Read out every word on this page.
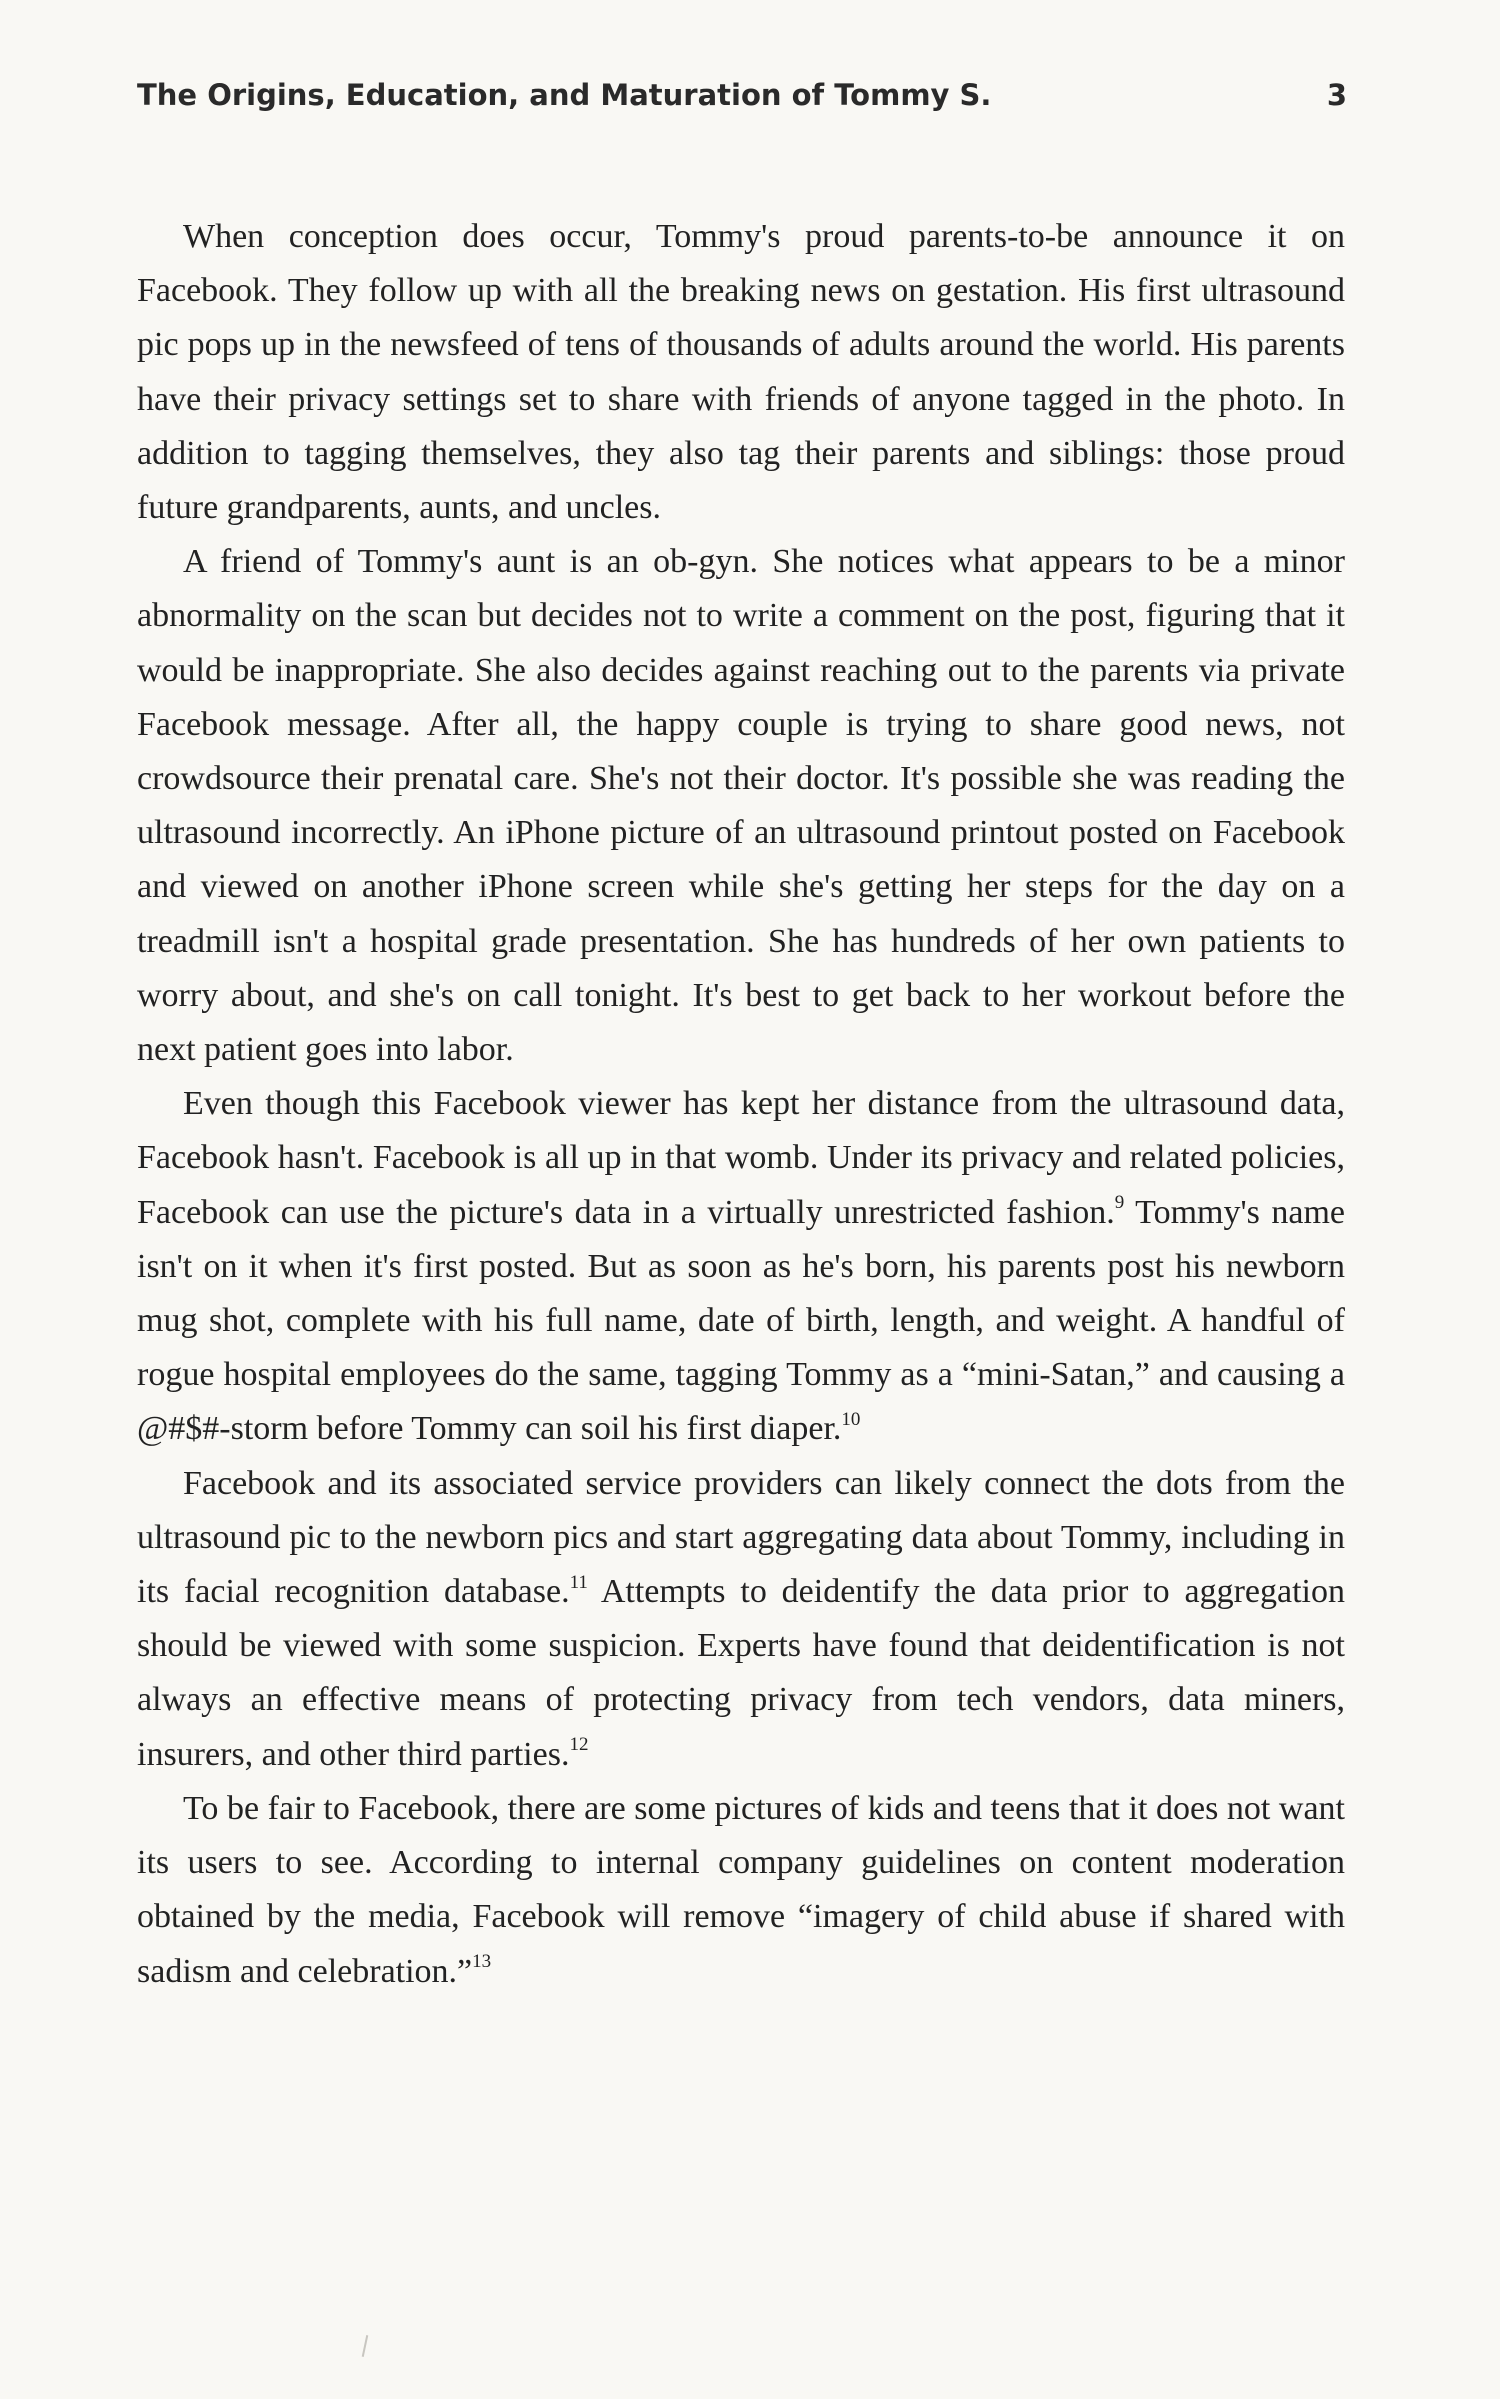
The Origins, Education, and Maturation of Tommy S.	3

When conception does occur, Tommy's proud parents-to-be announce it on Facebook. They follow up with all the breaking news on gestation. His first ultrasound pic pops up in the newsfeed of tens of thousands of adults around the world. His parents have their privacy settings set to share with friends of anyone tagged in the photo. In addition to tagging themselves, they also tag their parents and siblings: those proud future grandparents, aunts, and uncles.

A friend of Tommy's aunt is an ob-gyn. She notices what appears to be a minor abnormality on the scan but decides not to write a comment on the post, figuring that it would be inappropriate. She also decides against reaching out to the parents via private Facebook message. After all, the happy couple is trying to share good news, not crowdsource their prenatal care. She's not their doctor. It's possible she was reading the ultrasound incorrectly. An iPhone picture of an ultrasound printout posted on Facebook and viewed on another iPhone screen while she's getting her steps for the day on a treadmill isn't a hospital grade presentation. She has hundreds of her own patients to worry about, and she's on call tonight. It's best to get back to her workout before the next patient goes into labor.

Even though this Facebook viewer has kept her distance from the ultrasound data, Facebook hasn't. Facebook is all up in that womb. Under its privacy and related policies, Facebook can use the picture's data in a virtually unrestricted fashion.$^9$ Tommy's name isn't on it when it's first posted. But as soon as he's born, his parents post his newborn mug shot, complete with his full name, date of birth, length, and weight. A handful of rogue hospital employees do the same, tagging Tommy as a “mini-Satan,” and causing a @#$#-storm before Tommy can soil his first diaper.$^{10}$

Facebook and its associated service providers can likely connect the dots from the ultrasound pic to the newborn pics and start aggregating data about Tommy, including in its facial recognition database.$^{11}$ Attempts to deidentify the data prior to aggregation should be viewed with some suspicion. Experts have found that deidentification is not always an effective means of protecting privacy from tech vendors, data miners, insurers, and other third parties.$^{12}$

To be fair to Facebook, there are some pictures of kids and teens that it does not want its users to see. According to internal company guidelines on content moderation obtained by the media, Facebook will remove “imagery of child abuse if shared with sadism and celebration.”$^{13}$
